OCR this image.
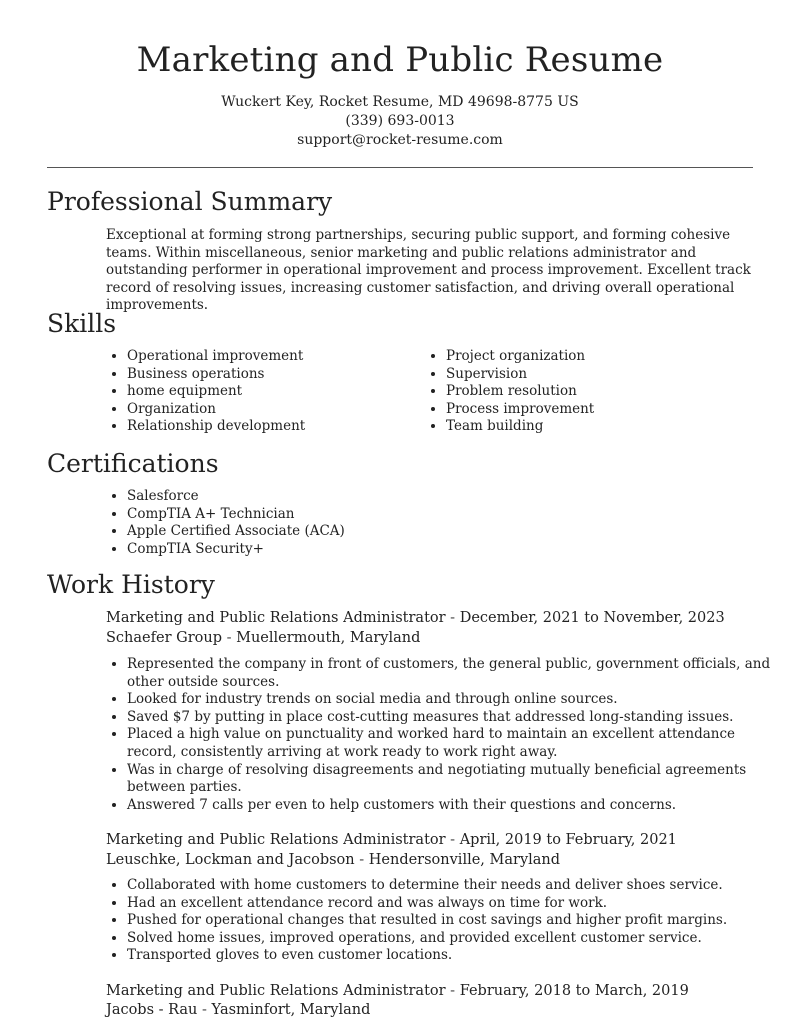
Marketing and Public Resume
Wuckert Key, Rocket Resume, MD 49698-8775 US
(339) 693-0013
support@rocket-resume.com
Professional Summary
Exceptional at forming strong partnerships, securing public support, and forming cohesive teams. Within miscellaneous, senior marketing and public relations administrator and outstanding performer in operational improvement and process improvement. Excellent track record of resolving issues, increasing customer satisfaction, and driving overall operational improvements.
Skills
• Operational improvement
• Business operations
• home equipment
• Organization
• Relationship development
• Project organization
• Supervision
• Problem resolution
• Process improvement
• Team building
Certifications
• Salesforce
• CompTIA A+ Technician
• Apple Certified Associate (ACA)
• CompTIA Security+
Work History
Marketing and Public Relations Administrator - December, 2021 to November, 2023
Schaefer Group - Muellermouth, Maryland
• Represented the company in front of customers, the general public, government officials, and other outside sources.
• Looked for industry trends on social media and through online sources.
• Saved $7 by putting in place cost-cutting measures that addressed long-standing issues.
• Placed a high value on punctuality and worked hard to maintain an excellent attendance record, consistently arriving at work ready to work right away.
• Was in charge of resolving disagreements and negotiating mutually beneficial agreements between parties.
• Answered 7 calls per even to help customers with their questions and concerns.
Marketing and Public Relations Administrator - April, 2019 to February, 2021
Leuschke, Lockman and Jacobson - Hendersonville, Maryland
• Collaborated with home customers to determine their needs and deliver shoes service.
• Had an excellent attendance record and was always on time for work.
• Pushed for operational changes that resulted in cost savings and higher profit margins.
• Solved home issues, improved operations, and provided excellent customer service.
• Transported gloves to even customer locations.
Marketing and Public Relations Administrator - February, 2018 to March, 2019
Jacobs - Rau - Yasminfort, Maryland
